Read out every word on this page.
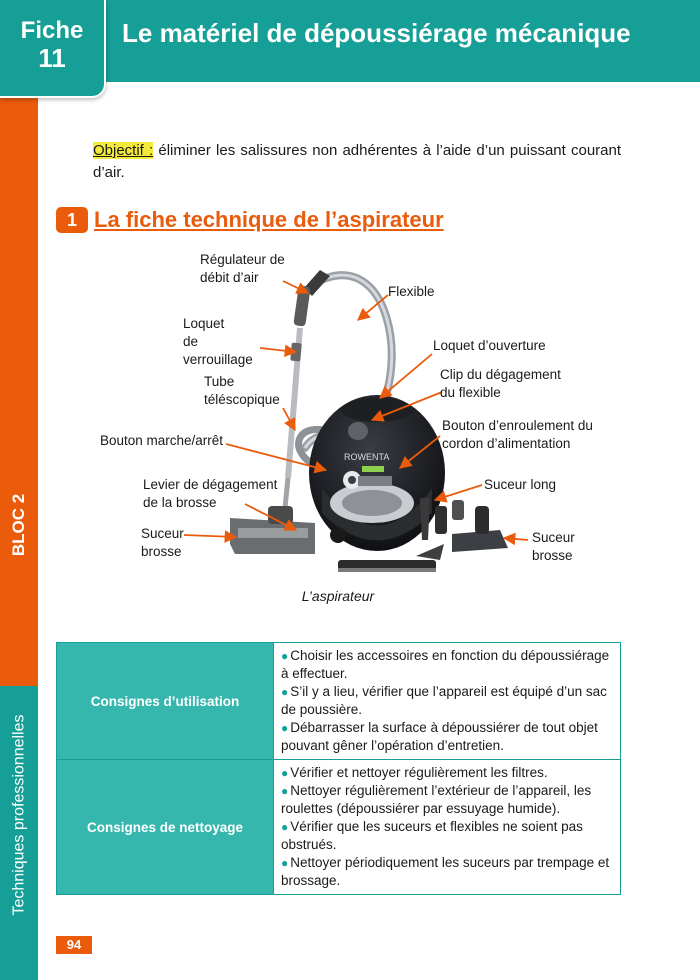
Fiche
11
Le matériel de dépoussiérage mécanique
BLOC 2
Techniques professionnelles
Objectif : éliminer les salissures non adhérentes à l’aide d’un puissant courant d’air.
1 La fiche technique de l’aspirateur
ROWENTA
Régulateur de
débit d’air
Flexible
Loquet
de
verrouillage
Loquet d’ouverture
Tube
téléscopique
Clip du dégagement
du flexible
Bouton d’enroulement du
cordon d’alimentation
Bouton marche/arrêt
Levier de dégagement
de la brosse
Suceur long
Suceur
brosse
Suceur
brosse
L’aspirateur
Consignes d’utilisation	● Choisir les accessoires en fonction du dépoussiérage à effectuer.

● S’il y a lieu, vérifier que l’appareil est équipé d’un sac de poussière.

● Débarrasser la surface à dépoussiérer de tout objet pouvant gêner l’opération d’entretien.

Consignes de nettoyage	● Vérifier et nettoyer régulièrement les filtres.

● Nettoyer régulièrement l’extérieur de l’appareil, les roulettes (dépoussiérer par essuyage humide).

● Vérifier que les suceurs et flexibles ne soient pas obstrués.

● Nettoyer périodiquement les suceurs par trempage et brossage.

94
